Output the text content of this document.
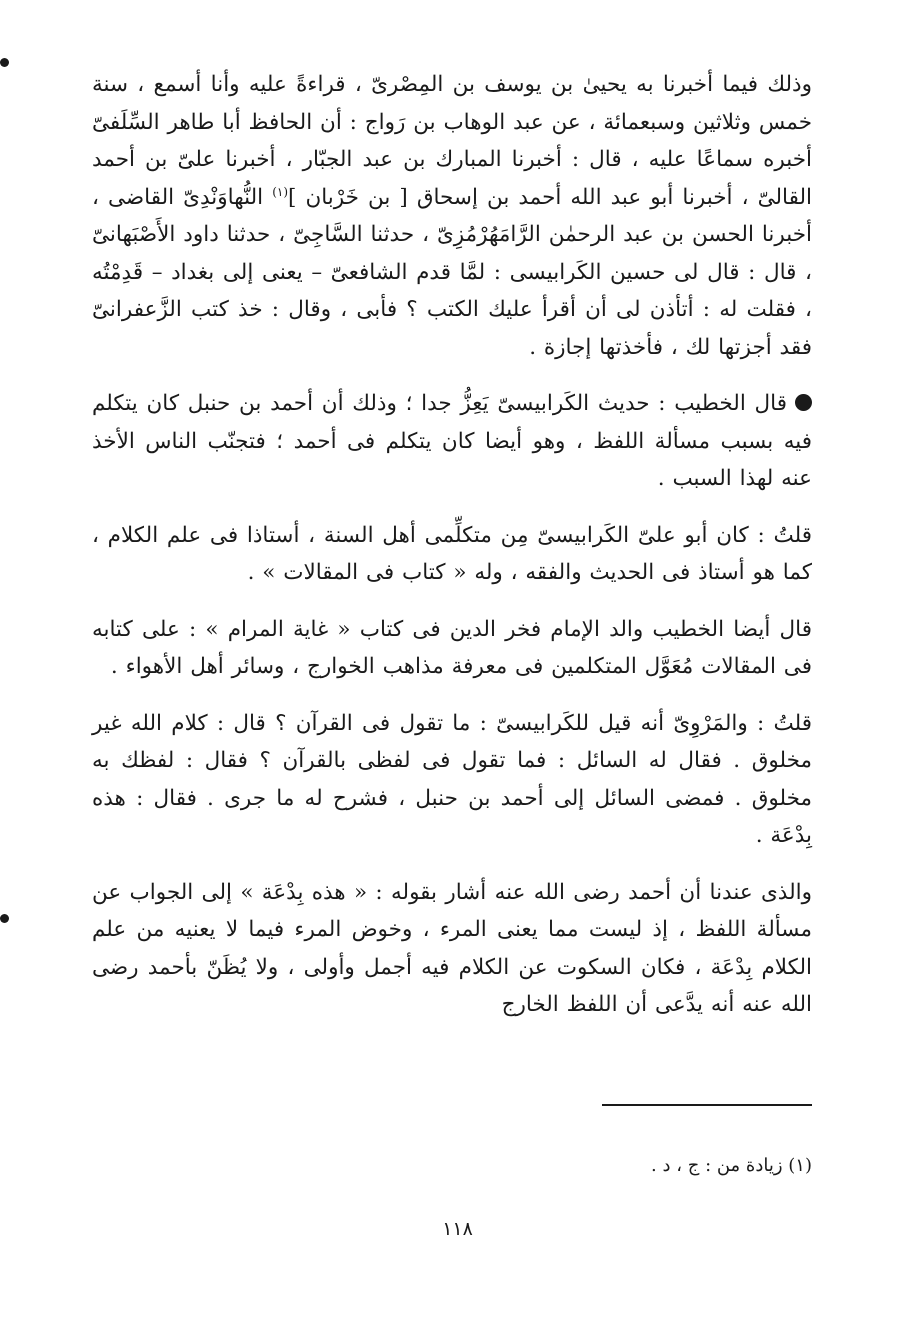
وذلك فيما أخبرنا به يحيىٰ بن يوسف بن المِصْرىّ ، قراءةً عليه وأنا أسمع ، سنة خمس وثلاثين وسبعمائة ، عن عبد الوهاب بن رَواج : أن الحافظ أبا طاهر السِّلَفىّ أخبره سماعًا عليه ، قال : أخبرنا المبارك بن عبد الجبّار ، أخبرنا علىّ بن أحمد القالىّ ، أخبرنا أبو عبد الله أحمد بن إسحاق [ بن خَرْبان ]$^{(١)}$ النُّهاوَنْدِىّ القاضى ، أخبرنا الحسن بن عبد الرحمٰن الرَّامَهُرْمُزِىّ ، حدثنا السَّاجِىّ ، حدثنا داود الأَصْبَهانىّ ، قال : قال لى حسين الكَرابيسى : لمَّا قدم الشافعىّ – يعنى إلى بغداد – قَدِمْتُه ، فقلت له : أتأذن لى أن أقرأ عليك الكتب ؟ فأبى ، وقال : خذ كتب الزَّعفرانىّ فقد أجزتها لك ، فأخذتها إجازة .

قال الخطيب : حديث الكَرابيسىّ يَعِزُّ جدا ؛ وذلك أن أحمد بن حنبل كان يتكلم فيه بسبب مسألة اللفظ ، وهو أيضا كان يتكلم فى أحمد ؛ فتجنّب الناس الأخذ عنه لهذا السبب .

قلتُ : كان أبو علىّ الكَرابيسىّ مِن متكلِّمى أهل السنة ، أستاذا فى علم الكلام ، كما هو أستاذ فى الحديث والفقه ، وله « كتاب فى المقالات » .

قال أيضا الخطيب والد الإمام فخر الدين فى كتاب « غاية المرام » : على كتابه فى المقالات مُعَوَّل المتكلمين فى معرفة مذاهب الخوارج ، وسائر أهل الأهواء .

قلتُ : والمَرْوِىّ أنه قيل للكَرابيسىّ : ما تقول فى القرآن ؟ قال : كلام الله غير مخلوق . فقال له السائل : فما تقول فى لفظى بالقرآن ؟ فقال : لفظك به مخلوق . فمضى السائل إلى أحمد بن حنبل ، فشرح له ما جرى . فقال : هذه بِدْعَة .

والذى عندنا أن أحمد رضى الله عنه أشار بقوله : « هذه بِدْعَة » إلى الجواب عن مسألة اللفظ ، إذ ليست مما يعنى المرء ، وخوض المرء فيما لا يعنيه من علم الكلام بِدْعَة ، فكان السكوت عن الكلام فيه أجمل وأولى ، ولا يُظَنّ بأحمد رضى الله عنه أنه يدَّعى أن اللفظ الخارج

(١) زيادة من : ج ، د .
١١٨
